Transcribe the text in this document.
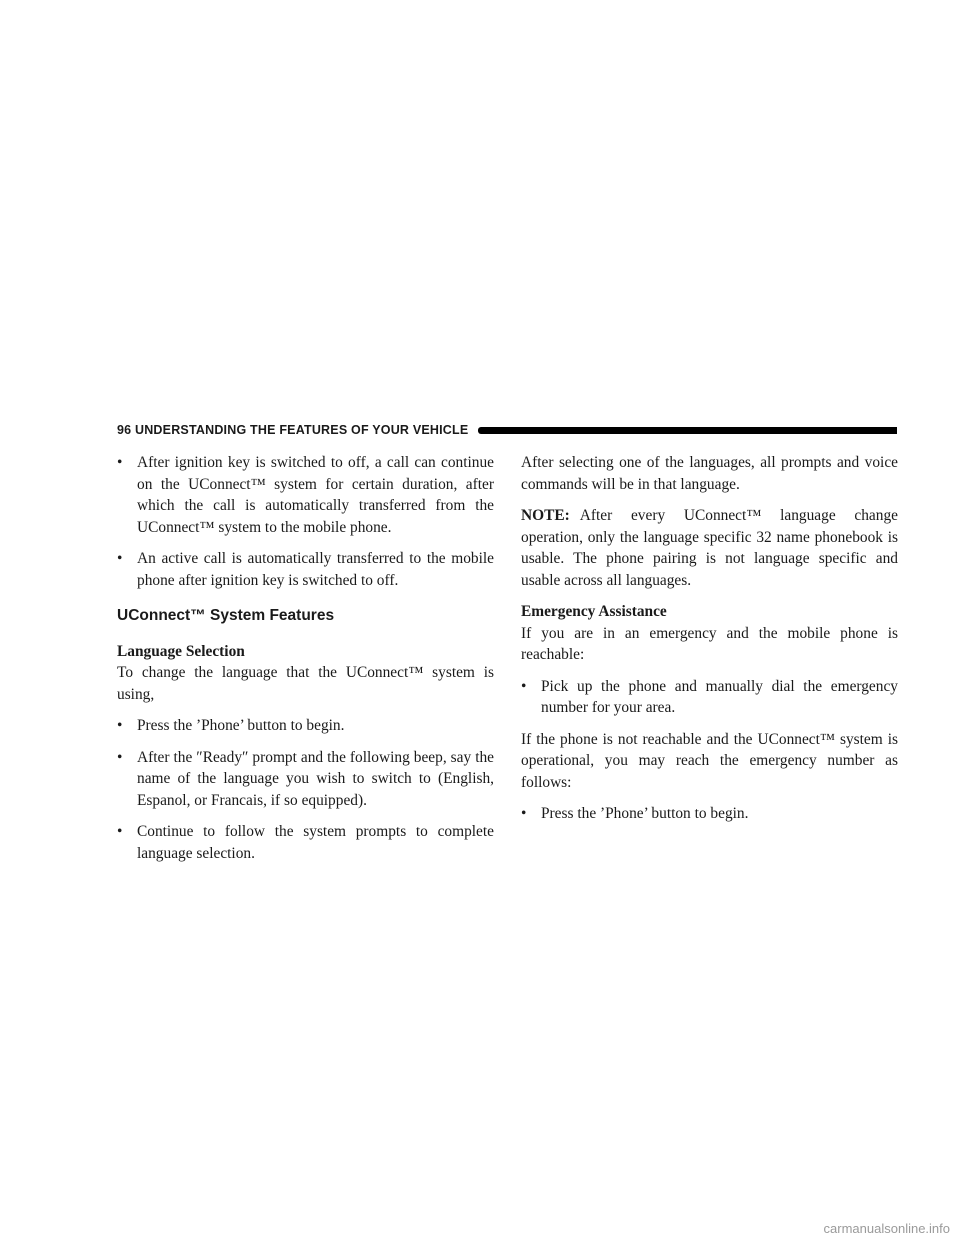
96 UNDERSTANDING THE FEATURES OF YOUR VEHICLE
• After ignition key is switched to off, a call can continue on the UConnect™ system for certain duration, after which the call is automatically transferred from the UConnect™ system to the mobile phone.
• An active call is automatically transferred to the mobile phone after ignition key is switched to off.
UConnect™ System Features

Language Selection

To change the language that the UConnect™ system is using,

• Press the ’Phone’ button to begin.
• After the ″Ready″ prompt and the following beep, say the name of the language you wish to switch to (English, Espanol, or Francais, if so equipped).
• Continue to follow the system prompts to complete language selection.

After selecting one of the languages, all prompts and voice commands will be in that language.

NOTE: After every UConnect™ language change operation, only the language specific 32 name phonebook is usable. The phone pairing is not language specific and usable across all languages.

Emergency Assistance

If you are in an emergency and the mobile phone is reachable:

• Pick up the phone and manually dial the emergency number for your area.

If the phone is not reachable and the UConnect™ system is operational, you may reach the emergency number as follows:

• Press the ’Phone’ button to begin.
carmanualsonline.info
